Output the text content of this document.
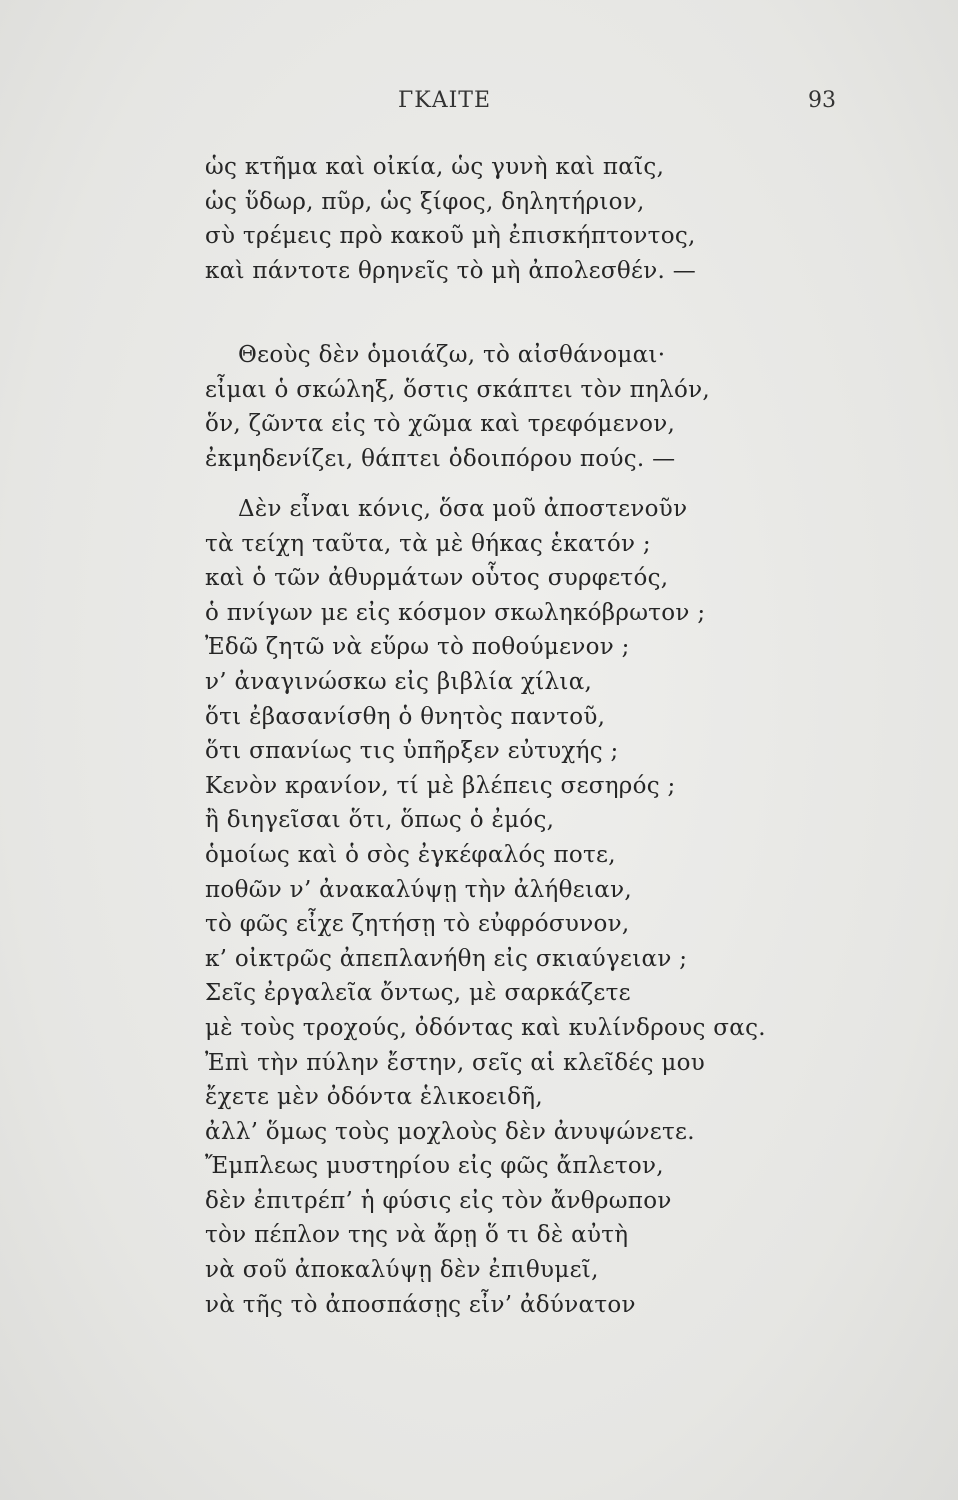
ΓΚΑΙΤΕ	93
ὡς κτῆμα καὶ οἰκία, ὡς γυνὴ καὶ παῖς,
ὡς ὕδωρ, πῦρ, ὡς ξίφος, δηλητήριον,
σὺ τρέμεις πρὸ κακοῦ μὴ ἐπισκήπτοντος,
καὶ πάντοτε θρηνεῖς τὸ μὴ ἀπολεσθέν. —
Θεοὺς δὲν ὁμοιάζω, τὸ αἰσθάνομαι·
εἶμαι ὁ σκώληξ, ὅστις σκάπτει τὸν πηλόν,
ὅν, ζῶντα εἰς τὸ χῶμα καὶ τρεφόμενον,
ἐκμηδενίζει, θάπτει ὁδοιπόρου πούς. —
Δὲν εἶναι κόνις, ὅσα μοῦ ἀποστενοῦν
τὰ τείχη ταῦτα, τὰ μὲ θήκας ἑκατόν ;
καὶ ὁ τῶν ἀθυρμάτων οὗτος συρφετός,
ὁ πνίγων με εἰς κόσμον σκωληκόβρωτον ;
Ἐδῶ ζητῶ νὰ εὕρω τὸ ποθούμενον ;
ν’ ἀναγινώσκω εἰς βιβλία χίλια,
ὅτι ἐβασανίσθη ὁ θνητὸς παντοῦ,
ὅτι σπανίως τις ὑπῆρξεν εὐτυχής ;
Κενὸν κρανίον, τί μὲ βλέπεις σεσηρός ;
ἢ διηγεῖσαι ὅτι, ὅπως ὁ ἐμός,
ὁμοίως καὶ ὁ σὸς ἐγκέφαλός ποτε,
ποθῶν ν’ ἀνακαλύψῃ τὴν ἀλήθειαν,
τὸ φῶς εἶχε ζητήσῃ τὸ εὐφρόσυνον,
κ’ οἰκτρῶς ἀπεπλανήθη εἰς σκιαύγειαν ;
Σεῖς ἐργαλεῖα ὄντως, μὲ σαρκάζετε
μὲ τοὺς τροχούς, ὀδόντας καὶ κυλίνδρους σας.
Ἐπὶ τὴν πύλην ἔστην, σεῖς αἱ κλεῖδές μου
ἔχετε μὲν ὀδόντα ἑλικοειδῆ,
ἀλλ’ ὅμως τοὺς μοχλοὺς δὲν ἀνυψώνετε.
Ἔμπλεως μυστηρίου εἰς φῶς ἄπλετον,
δὲν ἐπιτρέπ’ ἡ φύσις εἰς τὸν ἄνθρωπον
τὸν πέπλον της νὰ ἄρῃ ὅ τι δὲ αὐτὴ
νὰ σοῦ ἀποκαλύψῃ δὲν ἐπιθυμεῖ,
νὰ τῆς τὸ ἀποσπάσῃς εἶν’ ἀδύνατον
